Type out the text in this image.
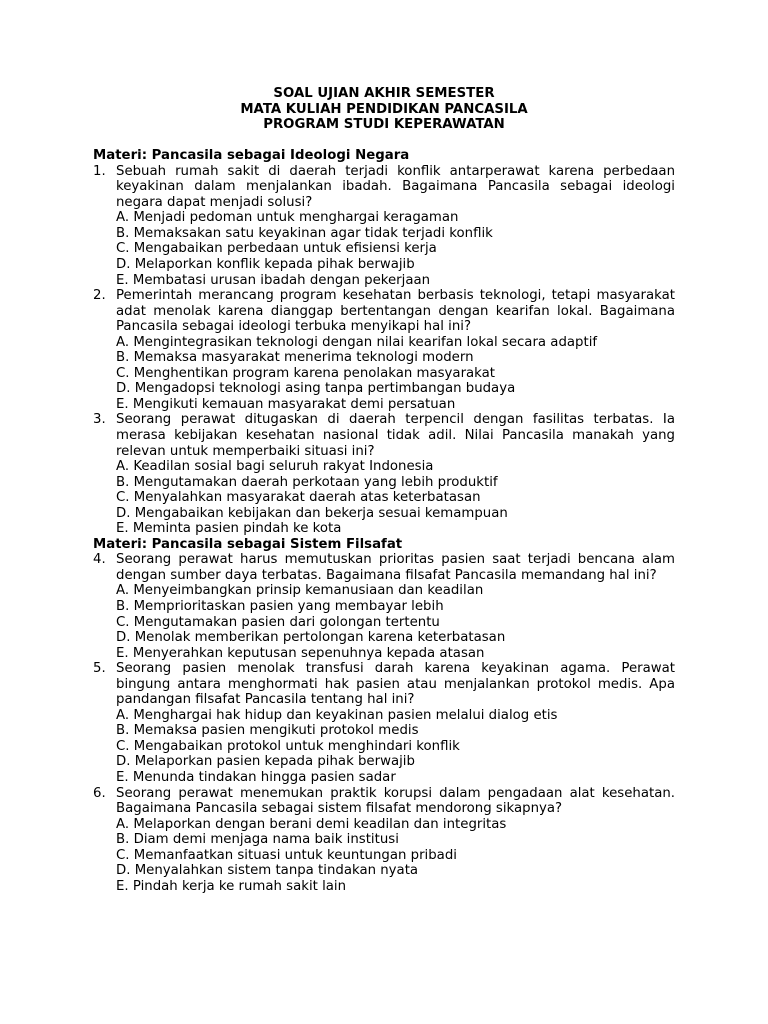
SOAL UJIAN AKHIR SEMESTER
MATA KULIAH PENDIDIKAN PANCASILA
PROGRAM STUDI KEPERAWATAN
Materi: Pancasila sebagai Ideologi Negara
1. Sebuah rumah sakit di daerah terjadi konflik antarperawat karena perbedaan keyakinan dalam menjalankan ibadah. Bagaimana Pancasila sebagai ideologi negara dapat menjadi solusi?
A. Menjadi pedoman untuk menghargai keragaman
B. Memaksakan satu keyakinan agar tidak terjadi konflik
C. Mengabaikan perbedaan untuk efisiensi kerja
D. Melaporkan konflik kepada pihak berwajib
E. Membatasi urusan ibadah dengan pekerjaan
2. Pemerintah merancang program kesehatan berbasis teknologi, tetapi masyarakat adat menolak karena dianggap bertentangan dengan kearifan lokal. Bagaimana Pancasila sebagai ideologi terbuka menyikapi hal ini?
A. Mengintegrasikan teknologi dengan nilai kearifan lokal secara adaptif
B. Memaksa masyarakat menerima teknologi modern
C. Menghentikan program karena penolakan masyarakat
D. Mengadopsi teknologi asing tanpa pertimbangan budaya
E. Mengikuti kemauan masyarakat demi persatuan
3. Seorang perawat ditugaskan di daerah terpencil dengan fasilitas terbatas. Ia merasa kebijakan kesehatan nasional tidak adil. Nilai Pancasila manakah yang relevan untuk memperbaiki situasi ini?
A. Keadilan sosial bagi seluruh rakyat Indonesia
B. Mengutamakan daerah perkotaan yang lebih produktif
C. Menyalahkan masyarakat daerah atas keterbatasan
D. Mengabaikan kebijakan dan bekerja sesuai kemampuan
E. Meminta pasien pindah ke kota
Materi: Pancasila sebagai Sistem Filsafat
4. Seorang perawat harus memutuskan prioritas pasien saat terjadi bencana alam dengan sumber daya terbatas. Bagaimana filsafat Pancasila memandang hal ini?
A. Menyeimbangkan prinsip kemanusiaan dan keadilan
B. Memprioritaskan pasien yang membayar lebih
C. Mengutamakan pasien dari golongan tertentu
D. Menolak memberikan pertolongan karena keterbatasan
E. Menyerahkan keputusan sepenuhnya kepada atasan
5. Seorang pasien menolak transfusi darah karena keyakinan agama. Perawat bingung antara menghormati hak pasien atau menjalankan protokol medis. Apa pandangan filsafat Pancasila tentang hal ini?
A. Menghargai hak hidup dan keyakinan pasien melalui dialog etis
B. Memaksa pasien mengikuti protokol medis
C. Mengabaikan protokol untuk menghindari konflik
D. Melaporkan pasien kepada pihak berwajib
E. Menunda tindakan hingga pasien sadar
6. Seorang perawat menemukan praktik korupsi dalam pengadaan alat kesehatan. Bagaimana Pancasila sebagai sistem filsafat mendorong sikapnya?
A. Melaporkan dengan berani demi keadilan dan integritas
B. Diam demi menjaga nama baik institusi
C. Memanfaatkan situasi untuk keuntungan pribadi
D. Menyalahkan sistem tanpa tindakan nyata
E. Pindah kerja ke rumah sakit lain
